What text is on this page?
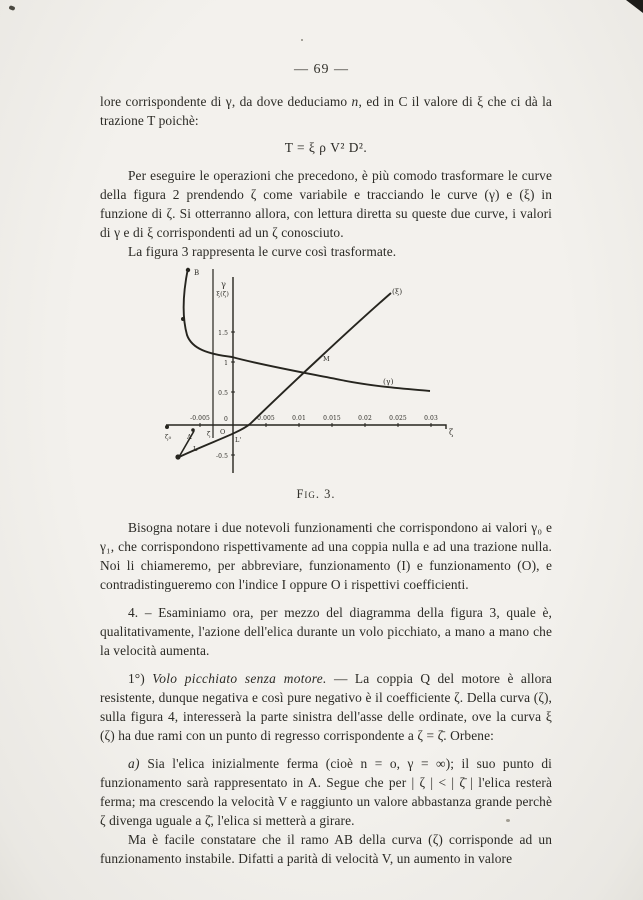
— 69 —

lore corrispondente di γ, da dove deduciamo n, ed in C il valore di ξ che ci dà la trazione T poichè:

T = ξ ρ V² D².

Per eseguire le operazioni che precedono, è più comodo trasformare le curve della figura 2 prendendo ζ come variabile e tracciando le curve (γ) e (ξ) in funzione di ζ. Si otterranno allora, con lettura diretta su queste due curve, i valori di γ e di ξ corrispondenti ad un ζ conosciuto.

La figura 3 rappresenta le curve così trasformate.

γ
ξ(ζ)
ζ
-0.005 0	0.005	0.01	0.015	0.02	0.025	0.03
1.5
1
0.5
-0.5
(ξ)
(γ)
B
A
L
L'
O
M
ζ̄
ζ₀
Fig. 3.

Bisogna notare i due notevoli funzionamenti che corrispondono ai valori γ₀ e γ₁, che corrispondono rispettivamente ad una coppia nulla e ad una trazione nulla. Noi li chiameremo, per abbreviare, funzionamento (I) e funzionamento (O), e contradistingueremo con l'indice I oppure O i rispettivi coefficienti.

4. – Esaminiamo ora, per mezzo del diagramma della figura 3, quale è, qualitativamente, l'azione dell'elica durante un volo picchiato, a mano a mano che la velocità aumenta.

1°) Volo picchiato senza motore. — La coppia Q del motore è allora resistente, dunque negativa e così pure negativo è il coefficiente ζ. Della curva (ζ), sulla figura 4, interesserà la parte sinistra dell'asse delle ordinate, ove la curva ξ (ζ) ha due rami con un punto di regresso corrispondente a ζ = ζ̄. Orbene:

a) Sia l'elica inizialmente ferma (cioè n = o, γ = ∞); il suo punto di funzionamento sarà rappresentato in A. Segue che per | ζ | < | ζ̄ | l'elica resterà ferma; ma crescendo la velocità V e raggiunto un valore abbastanza grande perchè ζ divenga uguale a ζ̄, l'elica si metterà a girare.

Ma è facile constatare che il ramo AB della curva (ζ) corrisponde ad un funzionamento instabile. Difatti a parità di velocità V, un aumento in valore
